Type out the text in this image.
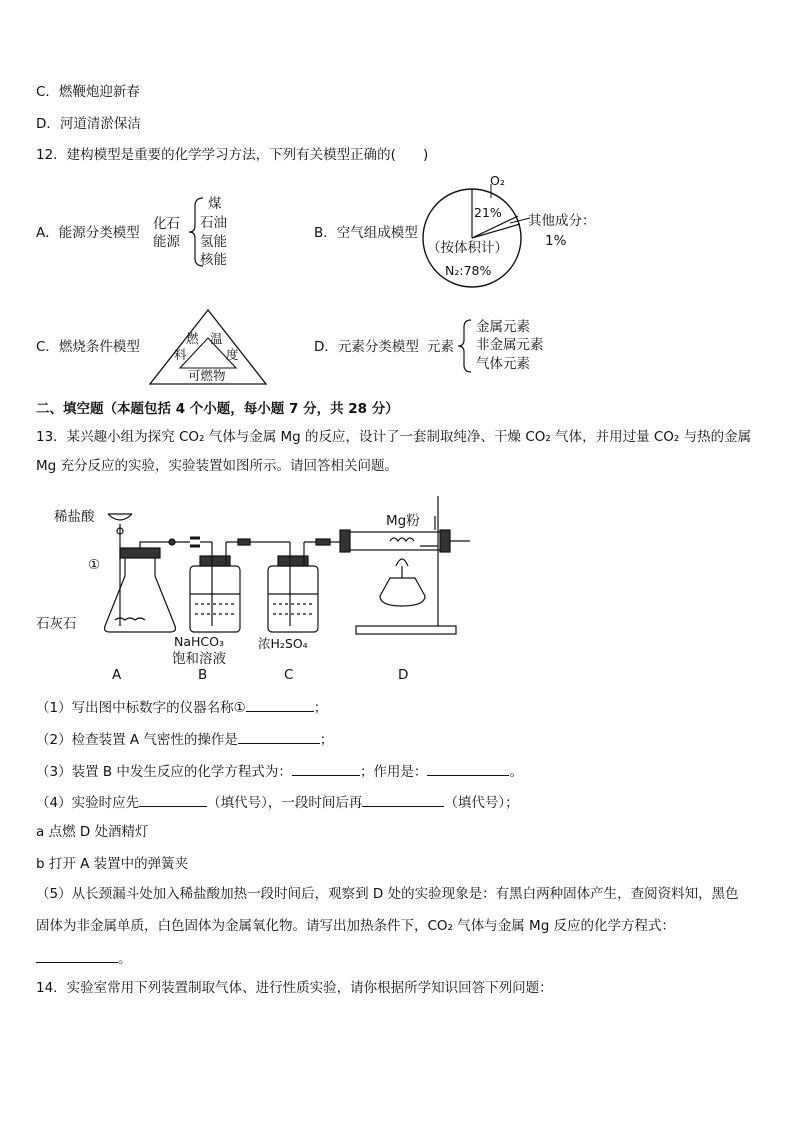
C．燃鞭炮迎新春
D．河道清淤保洁
12．建构模型是重要的化学学习方法，下列有关模型正确的(　　)
A．能源分类模型
化石
能源
煤
石油
氢能
核能
B．空气组成模型
O₂
21%
其他成分：
1%
（按体积计）
N₂:78%
C．燃烧条件模型
燃
料
温
度
可燃物
D．元素分类模型 元素
金属元素
非金属元素
气体元素
二、填空题（本题包括 4 个小题，每小题 7 分，共 28 分）
13．某兴趣小组为探究 CO₂ 气体与金属 Mg 的反应，设计了一套制取纯净、干燥 CO₂ 气体，并用过量 CO₂ 与热的金属
Mg 充分反应的实验，实验装置如图所示。请回答相关问题。
稀盐酸
①
石灰石
Mg粉
NaHCO₃
饱和溶液
浓H₂SO₄
A	B	C	D
（1）写出图中标数字的仪器名称①	；
（2）检查装置 A 气密性的操作是	；
（3）装置 B 中发生反应的化学方程式为：	；作用是：	。
（4）实验时应先	（填代号），一段时间后再	（填代号）；
a 点燃 D 处酒精灯
b 打开 A 装置中的弹簧夹
（5）从长颈漏斗处加入稀盐酸加热一段时间后，观察到 D 处的实验现象是：有黑白两种固体产生，查阅资料知，黑色
固体为非金属单质，白色固体为金属氧化物。请写出加热条件下，CO₂ 气体与金属 Mg 反应的化学方程式：
。
14．实验室常用下列装置制取气体、进行性质实验，请你根据所学知识回答下列问题：
